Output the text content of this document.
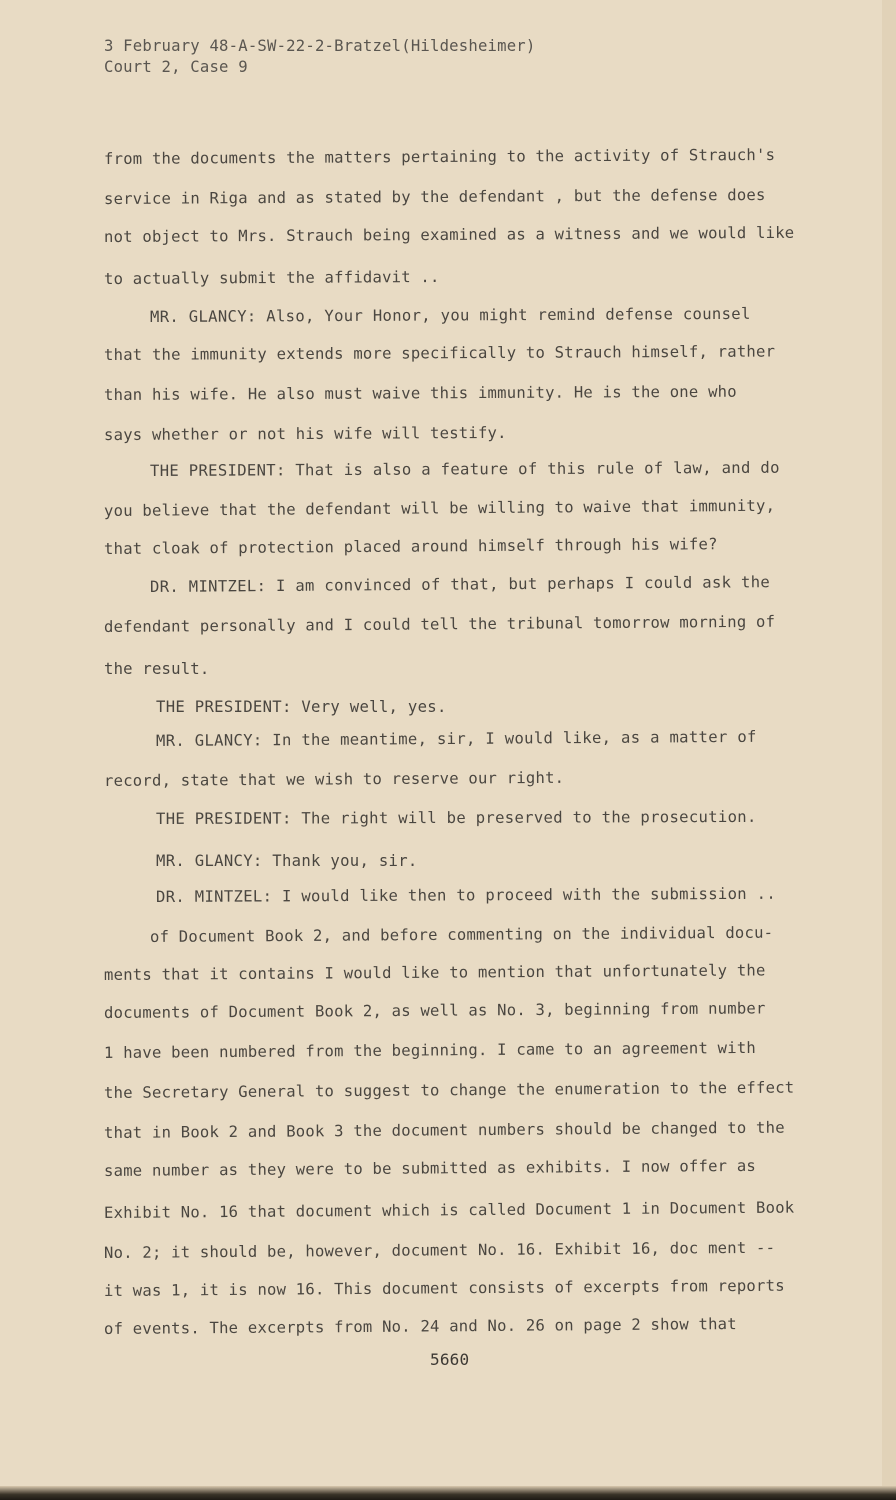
3 February 48-A-SW-22-2-Bratzel(Hildesheimer)
Court 2, Case 9
from the documents the matters pertaining to the activity of Strauch's
service in Riga and as stated by the defendant , but the defense does
not object to Mrs. Strauch being examined as a witness and we would like
to actually submit the affidavit ..
MR. GLANCY: Also, Your Honor, you might remind defense counsel
that the immunity extends more specifically to Strauch himself, rather
than his wife. He also must waive this immunity. He is the one who
says whether or not his wife will testify.
THE PRESIDENT: That is also a feature of this rule of law, and do
you believe that the defendant will be willing to waive that immunity,
that cloak of protection placed around himself through his wife?
DR. MINTZEL: I am convinced of that, but perhaps I could ask the
defendant personally and I could tell the tribunal tomorrow morning of
the result.
THE PRESIDENT: Very well, yes.
MR. GLANCY: In the meantime, sir, I would like, as a matter of
record, state that we wish to reserve our right.
THE PRESIDENT: The right will be preserved to the prosecution.
MR. GLANCY: Thank you, sir.
DR. MINTZEL: I would like then to proceed with the submission ..
of Document Book 2, and before commenting on the individual docu-
ments that it contains I would like to mention that unfortunately the
documents of Document Book 2, as well as No. 3, beginning from number
1 have been numbered from the beginning. I came to an agreement with
the Secretary General to suggest to change the enumeration to the effect
that in Book 2 and Book 3 the document numbers should be changed to the
same number as they were to be submitted as exhibits. I now offer as
Exhibit No. 16 that document which is called Document 1 in Document Book
No. 2; it should be, however, document No. 16. Exhibit 16, doc ment --
it was 1, it is now 16. This document consists of excerpts from reports
of events. The excerpts from No. 24 and No. 26 on page 2 show that
5660
